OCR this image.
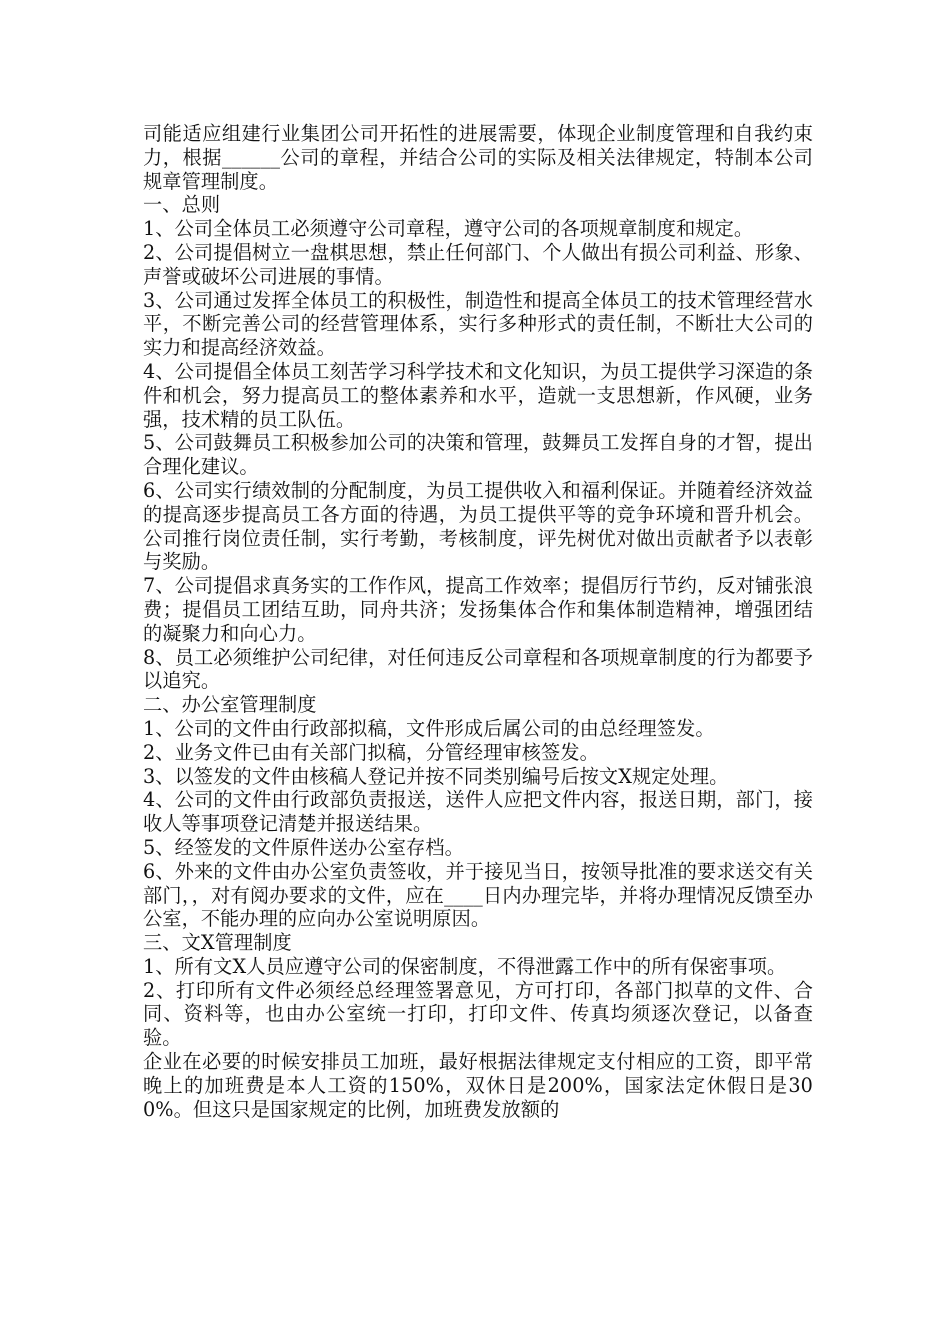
司能适应组建行业集团公司开拓性的进展需要，体现企业制度管理和自我约束力，根据______公司的章程，并结合公司的实际及相关法律规定，特制本公司规章管理制度。

一、总则

1、公司全体员工必须遵守公司章程，遵守公司的各项规章制度和规定。

2、公司提倡树立一盘棋思想，禁止任何部门、个人做出有损公司利益、形象、声誉或破坏公司进展的事情。

3、公司通过发挥全体员工的积极性，制造性和提高全体员工的技术管理经营水平，不断完善公司的经营管理体系，实行多种形式的责任制，不断壮大公司的实力和提高经济效益。

4、公司提倡全体员工刻苦学习科学技术和文化知识，为员工提供学习深造的条件和机会，努力提高员工的整体素养和水平，造就一支思想新，作风硬，业务强，技术精的员工队伍。

5、公司鼓舞员工积极参加公司的决策和管理，鼓舞员工发挥自身的才智，提出合理化建议。

6、公司实行绩效制的分配制度，为员工提供收入和福利保证。并随着经济效益的提高逐步提高员工各方面的待遇，为员工提供平等的竞争环境和晋升机会。公司推行岗位责任制，实行考勤，考核制度，评先树优对做出贡献者予以表彰与奖励。

7、公司提倡求真务实的工作作风，提高工作效率；提倡厉行节约，反对铺张浪费；提倡员工团结互助，同舟共济；发扬集体合作和集体制造精神，增强团结的凝聚力和向心力。

8、员工必须维护公司纪律，对任何违反公司章程和各项规章制度的行为都要予以追究。

二、办公室管理制度

1、公司的文件由行政部拟稿，文件形成后属公司的由总经理签发。

2、业务文件已由有关部门拟稿，分管经理审核签发。

3、以签发的文件由核稿人登记并按不同类别编号后按文X规定处理。

4、公司的文件由行政部负责报送，送件人应把文件内容，报送日期，部门，接收人等事项登记清楚并报送结果。

5、经签发的文件原件送办公室存档。

6、外来的文件由办公室负责签收，并于接见当日，按领导批准的要求送交有关部门，，对有阅办要求的文件，应在____日内办理完毕，并将办理情况反馈至办公室，不能办理的应向办公室说明原因。

三、文X管理制度

1、所有文X人员应遵守公司的保密制度，不得泄露工作中的所有保密事项。

2、打印所有文件必须经总经理签署意见，方可打印，各部门拟草的文件、合同、资料等，也由办公室统一打印，打印文件、传真均须逐次登记，以备查验。

企业在必要的时候安排员工加班，最好根据法律规定支付相应的工资，即平常晚上的加班费是本人工资的150%，双休日是200%，国家法定休假日是300%。但这只是国家规定的比例，加班费发放额的
